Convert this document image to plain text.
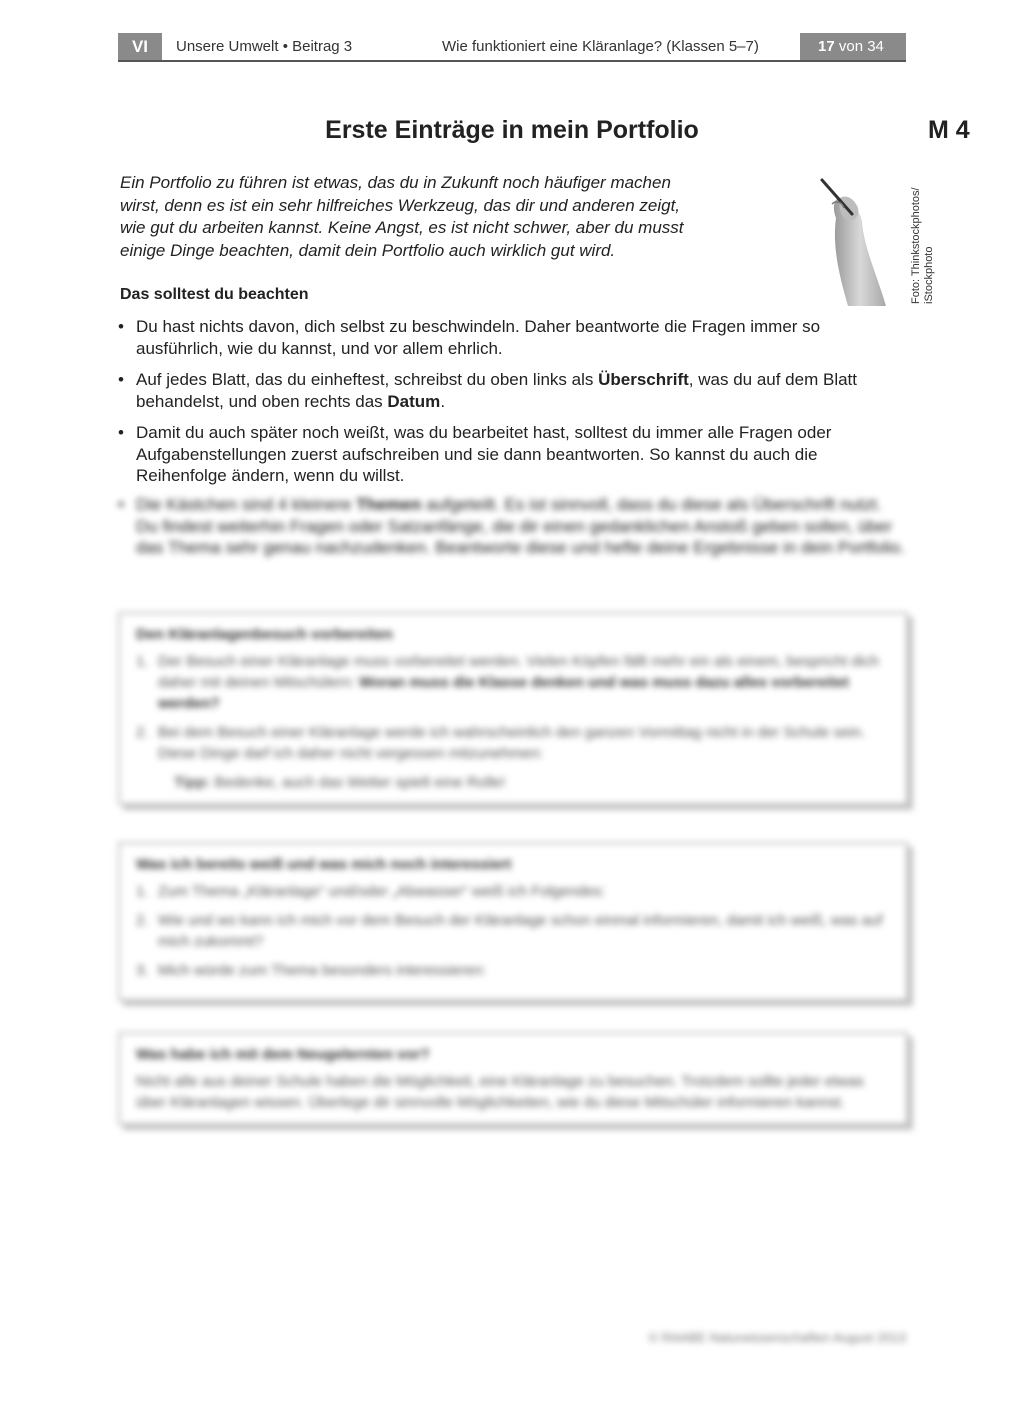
VI	Unsere Umwelt • Beitrag 3	Wie funktioniert eine Kläranlage? (Klassen 5–7)	17 von 34
Erste Einträge in mein Portfolio	M 4
Ein Portfolio zu führen ist etwas, das du in Zukunft noch häufiger machen
wirst, denn es ist ein sehr hilfreiches Werkzeug, das dir und anderen zeigt,
wie gut du arbeiten kannst. Keine Angst, es ist nicht schwer, aber du musst
einige Dinge beachten, damit dein Portfolio auch wirklich gut wird.	Foto: Thinkstockphotos/ iStockphoto
Das solltest du beachten
• Du hast nichts davon, dich selbst zu beschwindeln. Daher beantworte die Fragen immer so ausführlich, wie du kannst, und vor allem ehrlich.
• Auf jedes Blatt, das du einheftest, schreibst du oben links als Überschrift, was du auf dem Blatt behandelst, und oben rechts das Datum.
• Damit du auch später noch weißt, was du bearbeitet hast, solltest du immer alle Fragen oder Aufgabenstellungen zuerst aufschreiben und sie dann beantworten. So kannst du auch die Reihenfolge ändern, wenn du willst.
• Die Kästchen sind 4 kleinere Themen aufgeteilt. Es ist sinnvoll, dass du diese als Überschrift nutzt. Du findest weiterhin Fragen oder Satzanfänge, die dir einen gedanklichen Anstoß geben sollen, über das Thema sehr genau nachzudenken. Beantworte diese und hefte deine Ergebnisse in dein Portfolio.
Den Kläranlagenbesuch vorbereiten
1. Der Besuch einer Kläranlage muss vorbereitet werden. Vielen Köpfen fällt mehr ein als einem, bespricht dich daher mit deinen Mitschülern: Woran muss die Klasse denken und was muss dazu alles vorbereitet werden?
2. Bei dem Besuch einer Kläranlage werde ich wahrscheinlich den ganzen Vormittag nicht in der Schule sein. Diese Dinge darf ich daher nicht vergessen mitzunehmen:
Tipp: Bedenke, auch das Wetter spielt eine Rolle!
Was ich bereits weiß und was mich noch interessiert
1. Zum Thema „Kläranlage“ und/oder „Abwasser“ weiß ich Folgendes:
2. Wie und wo kann ich mich vor dem Besuch der Kläranlage schon einmal informieren, damit ich weiß, was auf mich zukommt?
3. Mich würde zum Thema besonders interessieren:
Was habe ich mit dem Neugelernten vor?
Nicht alle aus deiner Schule haben die Möglichkeit, eine Kläranlage zu besuchen. Trotzdem sollte jeder etwas über Kläranlagen wissen. Überlege dir sinnvolle Möglichkeiten, wie du diese Mitschüler informieren kannst.
© RAABE Naturwissenschaften August 2013
